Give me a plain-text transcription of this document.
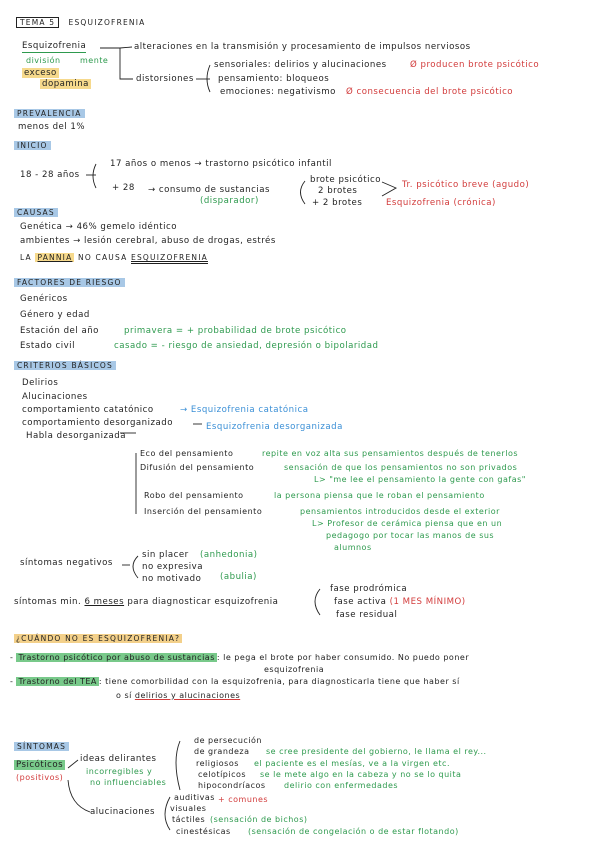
TEMA 5 ESQUIZOFRENIA
Esquizofrenia
división mente
exceso
dopamina
alteraciones en la transmisión y procesamiento de impulsos nerviosos
distorsiones
sensoriales: delirios y alucinaciones	Ø producen brote psicótico
pensamiento: bloqueos
emociones: negativismo Ø consecuencia del brote psicótico
PREVALENCIA
menos del 1%
INICIO
18 - 28 años
17 años o menos → trastorno psicótico infantil
+ 28 → consumo de sustancias
(disparador)
brote psicótico
2 brotes
+ 2 brotes
Tr. psicótico breve (agudo)
Esquizofrenia (crónica)
CAUSAS
Genética → 46% gemelo idéntico
ambientes → lesión cerebral, abuso de drogas, estrés
LA PANNIA NO CAUSA ESQUIZOFRENIA
FACTORES DE RIESGO
Genéricos
Género y edad
Estación del año	primavera = + probabilidad de brote psicótico
Estado civil	casado = - riesgo de ansiedad, depresión o bipolaridad
CRITERIOS BÁSICOS
Delirios
Alucinaciones
comportamiento catatónico	→ Esquizofrenia catatónica
comportamiento desorganizado	Esquizofrenia desorganizada
Habla desorganizada
Eco del pensamiento	repite en voz alta sus pensamientos después de tenerlos
Difusión del pensamiento	sensación de que los pensamientos no son privados
L> "me lee el pensamiento la gente con gafas"
Robo del pensamiento	la persona piensa que le roban el pensamiento
Inserción del pensamiento	pensamientos introducidos desde el exterior
L> Profesor de cerámica piensa que en un
pedagogo por tocar las manos de sus
alumnos
síntomas negativos
sin placer (anhedonia)
no expresiva
no motivado (abulia)
síntomas min. 6 meses para diagnosticar esquizofrenia
fase prodrómica
fase activa (1 MES MÍNIMO)
fase residual
¿CUÁNDO NO ES ESQUIZOFRENIA?
- Trastorno psicótico por abuso de sustancias : le pega el brote por haber consumido. No puedo poner
esquizofrenia
- Trastorno del TEA : tiene comorbilidad con la esquizofrenia, para diagnosticarla tiene que haber sí
o sí delirios y alucinaciones
SÍNTOMAS
Psicóticos
(positivos)
ideas delirantes
incorregibles y
no influenciables
de persecución
de grandeza se cree presidente del gobierno, le llama el rey...
religiosos el paciente es el mesías, ve a la virgen etc.
celotípicos se le mete algo en la cabeza y no se lo quita
hipocondríacos delirio con enfermedades
alucinaciones
auditivas + comunes
visuales
táctiles (sensación de bichos)
cinestésicas (sensación de congelación o de estar flotando)
